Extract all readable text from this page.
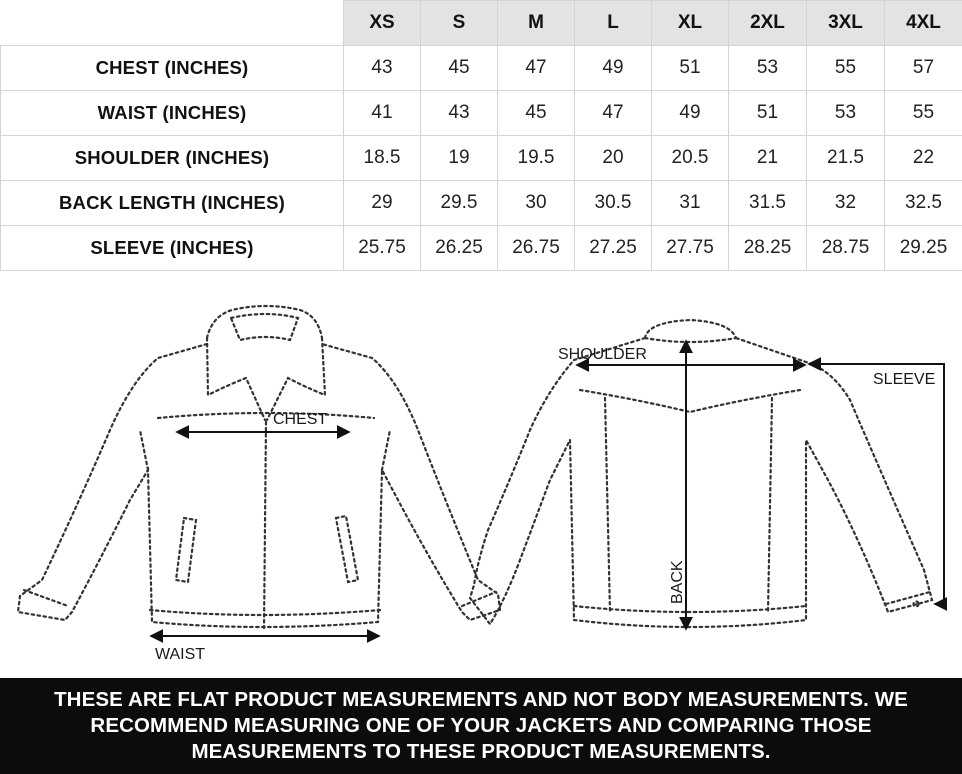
	XS	S	M	L	XL	2XL	3XL	4XL
CHEST (INCHES)	43	45	47	49	51	53	55	57
WAIST (INCHES)	41	43	45	47	49	51	53	55
SHOULDER (INCHES)	18.5	19	19.5	20	20.5	21	21.5	22
BACK LENGTH (INCHES)	29	29.5	30	30.5	31	31.5	32	32.5
SLEEVE (INCHES)	25.75	26.25	26.75	27.25	27.75	28.25	28.75	29.25
CHEST
WAIST
SHOULDER
BACK
SLEEVE

THESE ARE FLAT PRODUCT MEASUREMENTS AND NOT BODY MEASUREMENTS. WE RECOMMEND MEASURING ONE OF YOUR JACKETS AND COMPARING THOSE MEASUREMENTS TO THESE PRODUCT MEASUREMENTS.
